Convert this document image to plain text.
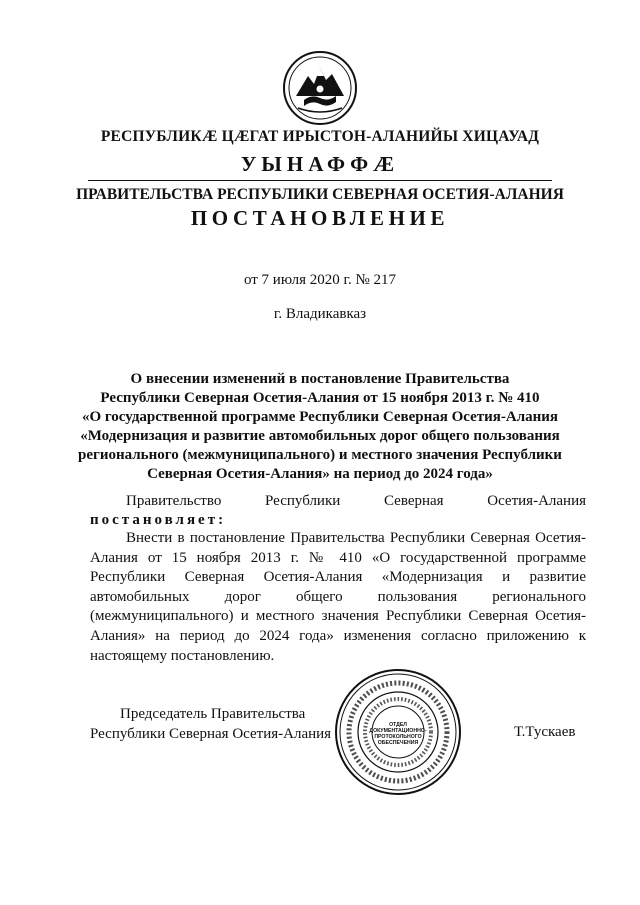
РЕСПУБЛИКÆ ЦÆГАТ ИРЫСТОН-АЛАНИЙЫ ХИЦАУАД
УЫНАФФÆ
ПРАВИТЕЛЬСТВА РЕСПУБЛИКИ СЕВЕРНАЯ ОСЕТИЯ-АЛАНИЯ
ПОСТАНОВЛЕНИЕ
от 7 июля 2020 г. № 217
г. Владикавказ
О внесении изменений в постановление Правительства
Республики Северная Осетия-Алания от 15 ноября 2013 г. № 410
«О государственной программе Республики Северная Осетия-Алания
«Модернизация и развитие автомобильных дорог общего пользования
регионального (межмуниципального) и местного значения Республики
Северная Осетия-Алания» на период до 2024 года»
Правительство Республики Северная Осетия-Алания
постановляет:
Внести в постановление Правительства Республики Северная Осетия-Алания от 15 ноября 2013 г. № 410 «О государственной программе Республики Северная Осетия-Алания «Модернизация и развитие автомобильных дорог общего пользования регионального (межмуниципального) и местного значения Республики Северная Осетия-Алания» на период до 2024 года» изменения согласно приложению к настоящему постановлению.
Председатель Правительства
Республики Северная Осетия-Алания
ОТДЕЛ
ДОКУМЕНТАЦИОННО-
ПРОТОКОЛЬНОГО
ОБЕСПЕЧЕНИЯ
Т.Тускаев
